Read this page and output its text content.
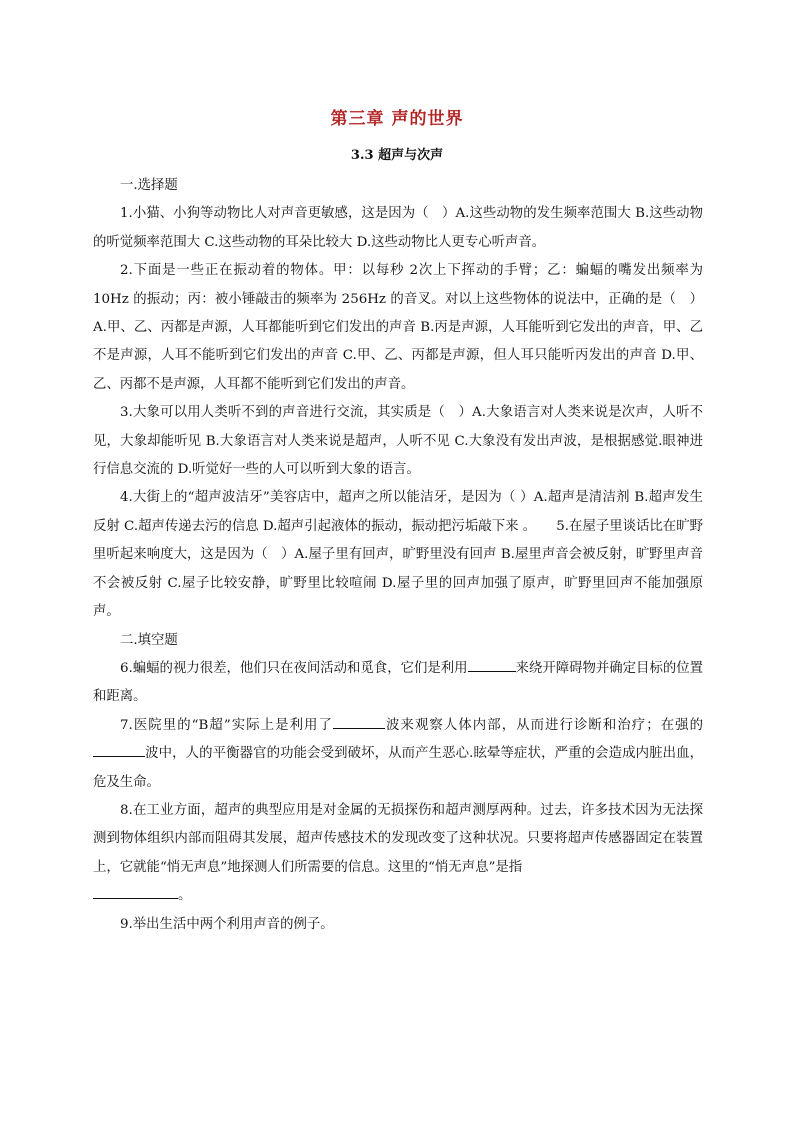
第三章 声的世界
3.3 超声与次声
一.选择题

1.小猫、小狗等动物比人对声音更敏感，这是因为（　）A.这些动物的发生频率范围大 B.这些动物的听觉频率范围大 C.这些动物的耳朵比较大 D.这些动物比人更专心听声音。

2.下面是一些正在振动着的物体。甲：以每秒 2次上下挥动的手臂；乙：蝙蝠的嘴发出频率为10Hz 的振动；丙：被小锤敲击的频率为 256Hz 的音叉。对以上这些物体的说法中，正确的是（　）A.甲、乙、丙都是声源，人耳都能听到它们发出的声音 B.丙是声源，人耳能听到它发出的声音，甲、乙不是声源，人耳不能听到它们发出的声音 C.甲、乙、丙都是声源，但人耳只能听丙发出的声音 D.甲、乙、丙都不是声源，人耳都不能听到它们发出的声音。

3.大象可以用人类听不到的声音进行交流，其实质是（　）A.大象语言对人类来说是次声，人听不见，大象却能听见 B.大象语言对人类来说是超声，人听不见 C.大象没有发出声波，是根据感觉.眼神进行信息交流的 D.听觉好一些的人可以听到大象的语言。

4.大街上的“超声波洁牙”美容店中，超声之所以能洁牙，是因为（ ）A.超声是清洁剂 B.超声发生反射 C.超声传递去污的信息 D.超声引起液体的振动，振动把污垢敲下来 。　　5.在屋子里谈话比在旷野里听起来响度大，这是因为（　）A.屋子里有回声，旷野里没有回声 B.屋里声音会被反射，旷野里声音不会被反射 C.屋子比较安静，旷野里比较喧闹 D.屋子里的回声加强了原声，旷野里回声不能加强原声。

二.填空题

6.蝙蝠的视力很差，他们只在夜间活动和觅食，它们是利用	来绕开障碍物并确定目标的位置和距离。

7.医院里的“B超”实际上是利用了	波来观察人体内部，从而进行诊断和治疗；在强的波中，人的平衡器官的功能会受到破坏，从而产生恶心.眩晕等症状，严重的会造成内脏出血，危及生命。

8.在工业方面，超声的典型应用是对金属的无损探伤和超声测厚两种。过去，许多技术因为无法探测到物体组织内部而阻碍其发展，超声传感技术的发现改变了这种状况。只要将超声传感器固定在装置上，它就能“悄无声息”地探测人们所需要的信息。这里的“悄无声息”是指
。

9.举出生活中两个利用声音的例子。
